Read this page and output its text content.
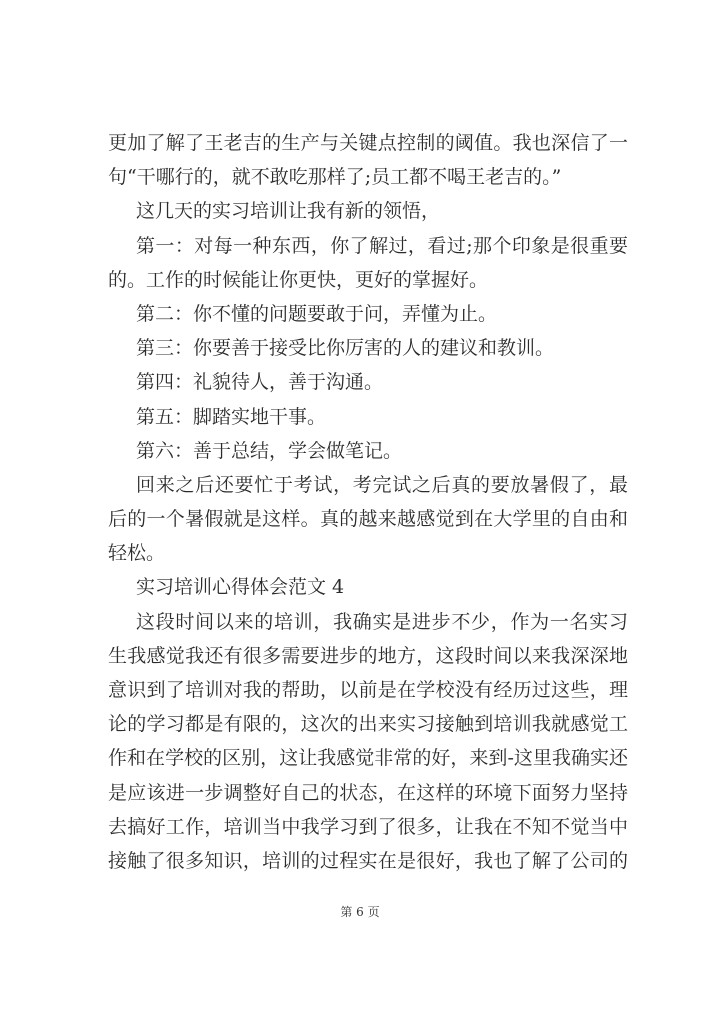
更加了解了王老吉的生产与关键点控制的阈值。我也深信了一
句“干哪行的，就不敢吃那样了;员工都不喝王老吉的。”
这几天的实习培训让我有新的领悟，
第一：对每一种东西，你了解过，看过;那个印象是很重要
的。工作的时候能让你更快，更好的掌握好。
第二：你不懂的问题要敢于问，弄懂为止。
第三：你要善于接受比你厉害的人的建议和教训。
第四：礼貌待人，善于沟通。
第五：脚踏实地干事。
第六：善于总结，学会做笔记。
回来之后还要忙于考试，考完试之后真的要放暑假了，最
后的一个暑假就是这样。真的越来越感觉到在大学里的自由和
轻松。
实习培训心得体会范文 4
这段时间以来的培训，我确实是进步不少，作为一名实习
生我感觉我还有很多需要进步的地方，这段时间以来我深深地
意识到了培训对我的帮助，以前是在学校没有经历过这些，理
论的学习都是有限的，这次的出来实习接触到培训我就感觉工
作和在学校的区别，这让我感觉非常的好，来到-这里我确实还
是应该进一步调整好自己的状态，在这样的环境下面努力坚持
去搞好工作，培训当中我学习到了很多，让我在不知不觉当中
接触了很多知识，培训的过程实在是很好，我也了解了公司的
第 6 页
